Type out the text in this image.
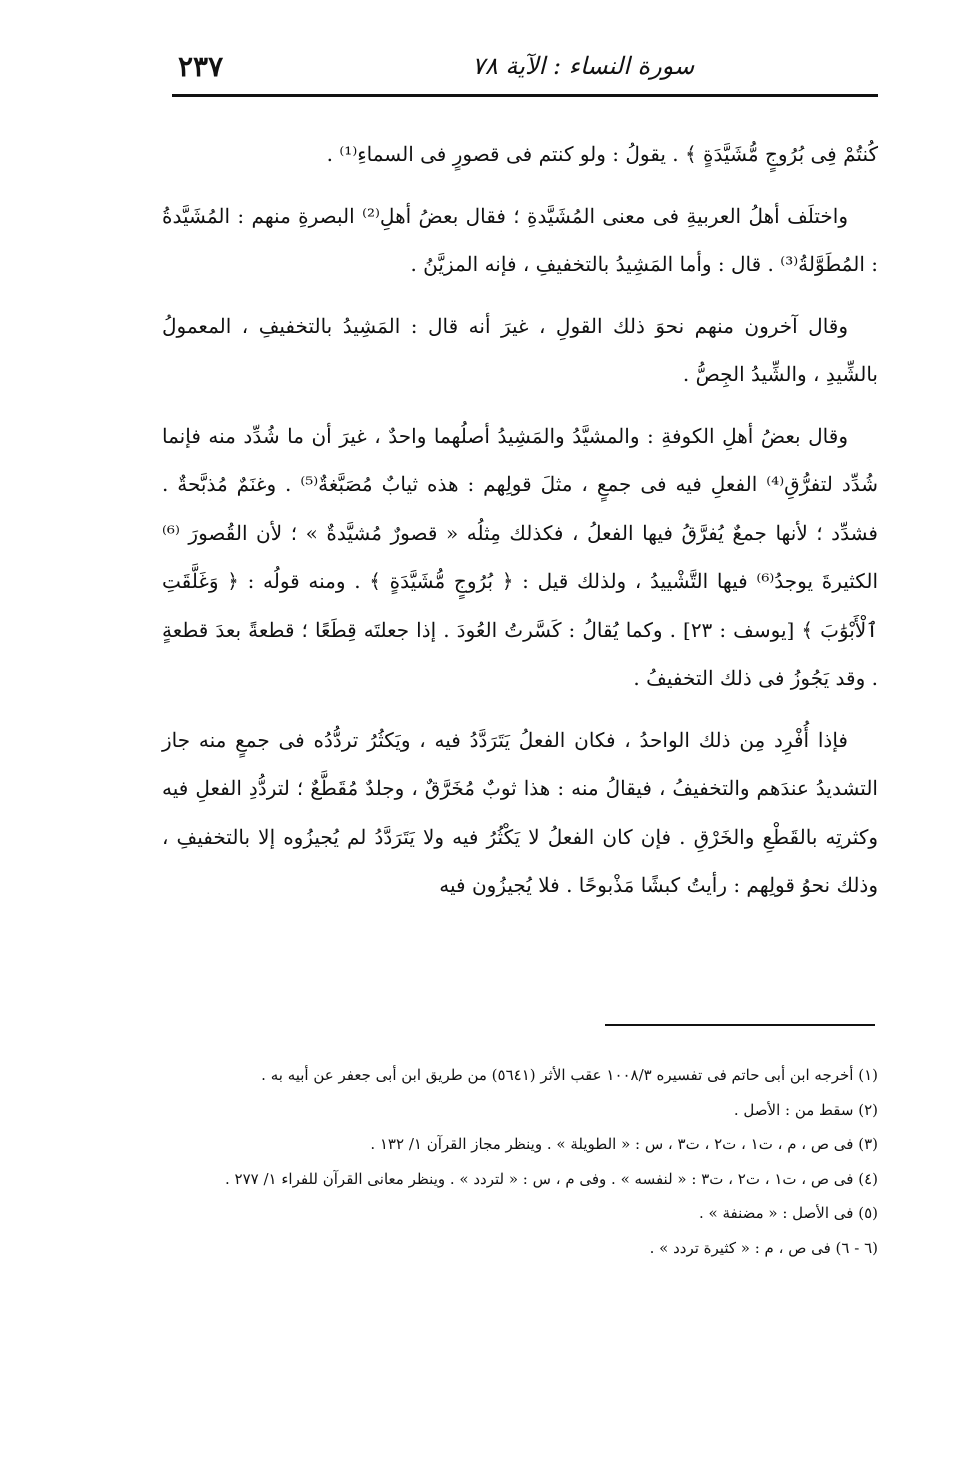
٢٣٧	سورة النساء : الآية ٧٨

كُنتُمْ فِى بُرُوجٍ مُّشَيَّدَةٍ ﴾ . يقولُ : ولو كنتم فى قصورٍ فى السماءِ⁽¹⁾ .

واختلَف أهلُ العربيةِ فى معنى المُشَيَّدةِ ؛ فقال بعضُ أهلِ⁽²⁾ البصرةِ منهم : المُشَيَّدةُ : المُطَوَّلةُ⁽³⁾ . قال : وأما المَشِيدُ بالتخفيفِ ، فإنه المزيَّنُ .

وقال آخرون منهم نحوَ ذلك القولِ ، غيرَ أنه قال : المَشِيدُ بالتخفيفِ ، المعمولُ بالشِّيدِ ، والشِّيدُ الجِصُّ .

وقال بعضُ أهلِ الكوفةِ : والمشيَّدُ والمَشِيدُ أصلُهما واحدٌ ، غيرَ أن ما شُدِّد منه فإنما شُدِّد لتفرُّقِ⁽⁴⁾ الفعلِ فيه فى جمعٍ ، مثلَ قولِهم : هذه ثيابٌ مُصَبَّغةٌ⁽⁵⁾ . وغنَمٌ مُذبَّحةٌ . فشدِّد ؛ لأنها جمعٌ يُفرَّقُ فيها الفعلُ ، فكذلك مِثلُه « قصورٌ مُشيَّدةٌ » ؛ لأن القُصورَ ⁽⁶⁾ الكثيرةَ يوجدُ⁽⁶⁾ فيها التَّشْييدُ ، ولذلك قيل : ﴿ بُرُوجٍ مُّشَيَّدَةٍ ﴾ . ومنه قولُه : ﴿ وَغَلَّقَتِ ٱلْأَبْوَٰبَ ﴾ [يوسف : ٢٣] . وكما يُقالُ : كَسَّرتُ العُودَ . إذا جعلتَه قِطَعًا ؛ قطعةً بعدَ قطعةٍ . وقد يَجُوزُ فى ذلك التخفيفُ .

فإذا أُفْرِد مِن ذلك الواحدُ ، فكان الفعلُ يَتَرَدَّدُ فيه ، ويَكثُرُ تردُّدُه فى جمعٍ منه جاز التشديدُ عندَهم والتخفيفُ ، فيقالُ منه : هذا ثوبٌ مُخَرَّقٌ ، وجلدٌ مُقَطَّعٌ ؛ لتردُّدِ الفعلِ فيه وكثرتِه بالقَطْعِ والخَرْقِ . فإن كان الفعلُ لا يَكْثُرُ فيه ولا يَتَرَدَّدُ لم يُجيزُوه إلا بالتخفيفِ ، وذلك نحوُ قولِهم : رأيتُ كبشًا مَذْبوحًا . فلا يُجيزُون فيه

(١) أخرجه ابن أبى حاتم فى تفسيره ١٠٠٨/٣ عقب الأثر (٥٦٤١) من طريق ابن أبى جعفر عن أبيه به .
(٢) سقط من : الأصل .
(٣) فى ص ، م ، ت١ ، ت٢ ، ت٣ ، س : « الطويلة » . وينظر مجاز القرآن ١/ ١٣٢ .
(٤) فى ص ، ت١ ، ت٢ ، ت٣ : « لنفسه » . وفى م ، س : « لتردد » . وينظر معانى القرآن للفراء ١/ ٢٧٧ .
(٥) فى الأصل : « مضنفة » .
(٦ - ٦) فى ص ، م : « كثيرة تردد » .
